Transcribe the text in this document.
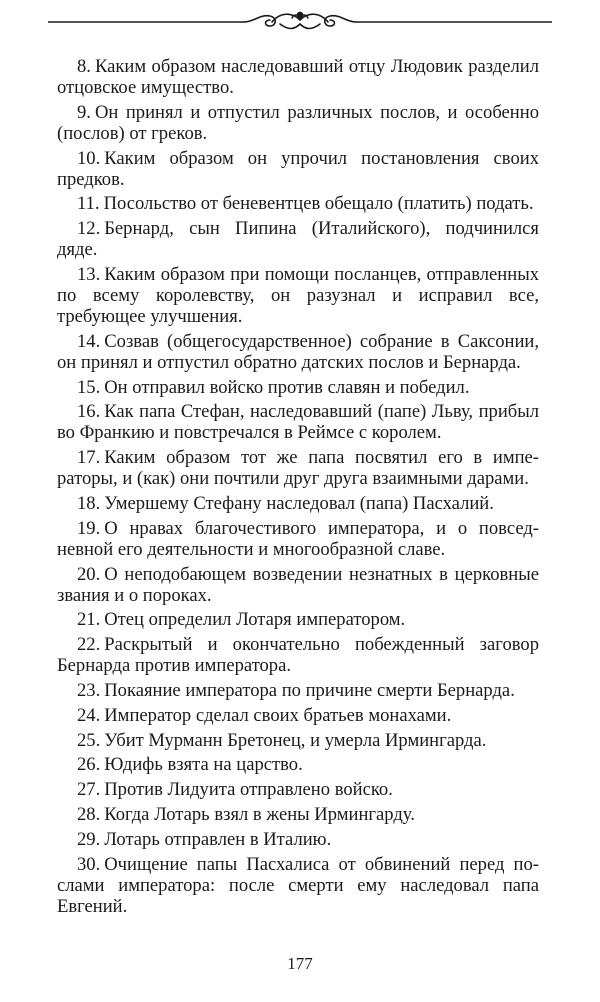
8. Каким образом наследовавший отцу Людовик разделил отцовское имущество.

9. Он принял и отпустил различных послов, и особенно (послов) от греков.

10. Каким образом он упрочил постановления своих предков.

11. Посольство от беневентцев обещало (платить) подать.

12. Бернард, сын Пипина (Италийского), подчинился дяде.

13. Каким образом при помощи посланцев, отправленных по всему королевству, он разузнал и исправил все, требующее улучшения.

14. Созвав (общегосударственное) собрание в Саксонии, он принял и отпустил обратно датских послов и Бернарда.

15. Он отправил войско против славян и победил.

16. Как папа Стефан, наследовавший (папе) Льву, прибыл во Франкию и повстречался в Реймсе с королем.

17. Каким образом тот же папа посвятил его в императоры, и (как) они почтили друг друга взаимными дарами.

18. Умершему Стефану наследовал (папа) Пасхалий.

19. О нравах благочестивого императора, и о повседневной его деятельности и многообразной славе.

20. О неподобающем возведении незнатных в церковные звания и о пороках.

21. Отец определил Лотаря императором.

22. Раскрытый и окончательно побежденный заговор Бернарда против императора.

23. Покаяние императора по причине смерти Бернарда.

24. Император сделал своих братьев монахами.

25. Убит Мурманн Бретонец, и умерла Ирмингарда.

26. Юдифь взята на царство.

27. Против Лидуита отправлено войско.

28. Когда Лотарь взял в жены Ирмингарду.

29. Лотарь отправлен в Италию.

30. Очищение папы Пасхалиса от обвинений перед послами императора: после смерти ему наследовал папа Евгений.

177
